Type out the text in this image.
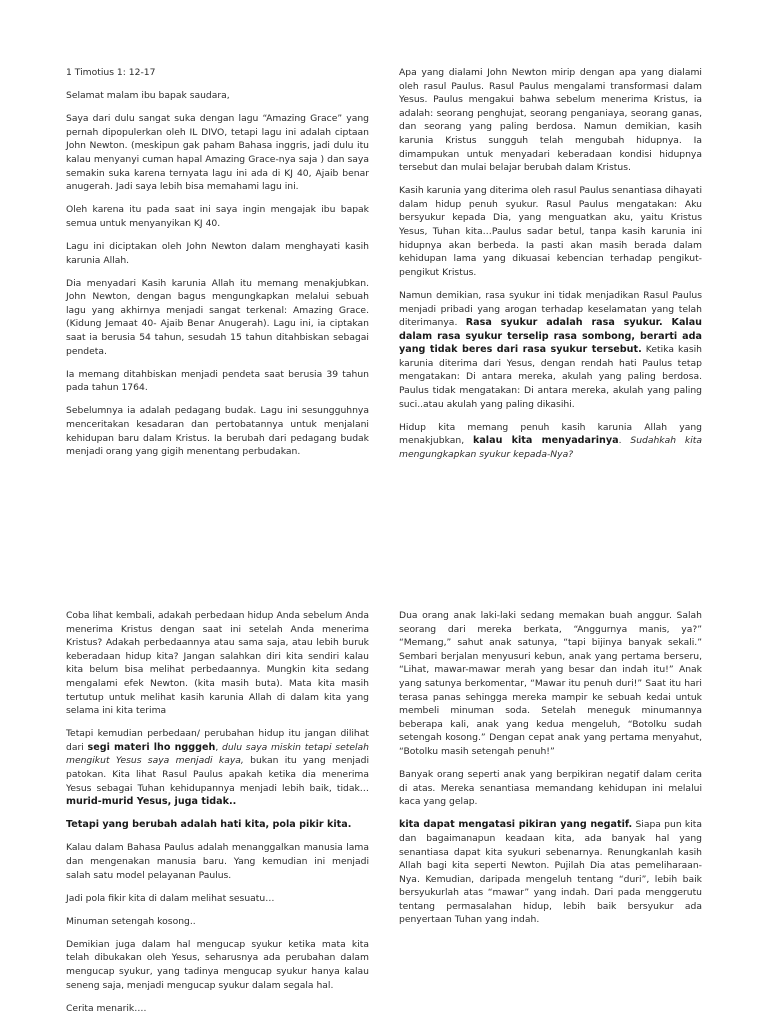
1 Timotius 1: 12-17

Selamat malam ibu bapak saudara,

Saya dari dulu sangat suka dengan lagu “Amazing Grace” yang pernah dipopulerkan oleh IL DIVO, tetapi lagu ini adalah ciptaan John Newton. (meskipun gak paham Bahasa inggris, jadi dulu itu kalau menyanyi cuman hapal Amazing Grace-nya saja ) dan saya semakin suka karena ternyata lagu ini ada di KJ 40, Ajaib benar anugerah. Jadi saya lebih bisa memahami lagu ini.

Oleh karena itu pada saat ini saya ingin mengajak ibu bapak semua untuk menyanyikan KJ 40.

Lagu ini diciptakan oleh John Newton dalam menghayati kasih karunia Allah.

Dia menyadari Kasih karunia Allah itu memang menakjubkan. John Newton, dengan bagus mengungkapkan melalui sebuah lagu yang akhirnya menjadi sangat terkenal: Amazing Grace. (Kidung Jemaat 40- Ajaib Benar Anugerah). Lagu ini, ia ciptakan saat ia berusia 54 tahun, sesudah 15 tahun ditahbiskan sebagai pendeta.

Ia memang ditahbiskan menjadi pendeta saat berusia 39 tahun pada tahun 1764.

Sebelumnya ia adalah pedagang budak. Lagu ini sesungguhnya menceritakan kesadaran dan pertobatannya untuk menjalani kehidupan baru dalam Kristus. Ia berubah dari pedagang budak menjadi orang yang gigih menentang perbudakan.

Apa yang dialami John Newton mirip dengan apa yang dialami oleh rasul Paulus. Rasul Paulus mengalami transformasi dalam Yesus. Paulus mengakui bahwa sebelum menerima Kristus, ia adalah: seorang penghujat, seorang penganiaya, seorang ganas, dan seorang yang paling berdosa. Namun demikian, kasih karunia Kristus sungguh telah mengubah hidupnya. Ia dimampukan untuk menyadari keberadaan kondisi hidupnya tersebut dan mulai belajar berubah dalam Kristus.

Kasih karunia yang diterima oleh rasul Paulus senantiasa dihayati dalam hidup penuh syukur. Rasul Paulus mengatakan: Aku bersyukur kepada Dia, yang menguatkan aku, yaitu Kristus Yesus, Tuhan kita…Paulus sadar betul, tanpa kasih karunia ini hidupnya akan berbeda. Ia pasti akan masih berada dalam kehidupan lama yang dikuasai kebencian terhadap pengikut-pengikut Kristus.

Namun demikian, rasa syukur ini tidak menjadikan Rasul Paulus menjadi pribadi yang arogan terhadap keselamatan yang telah diterimanya. Rasa syukur adalah rasa syukur. Kalau dalam rasa syukur terselip rasa sombong, berarti ada yang tidak beres dari rasa syukur tersebut. Ketika kasih karunia diterima dari Yesus, dengan rendah hati Paulus tetap mengatakan: Di antara mereka, akulah yang paling berdosa. Paulus tidak mengatakan: Di antara mereka, akulah yang paling suci..atau akulah yang paling dikasihi.

Hidup kita memang penuh kasih karunia Allah yang menakjubkan, kalau kita menyadarinya. Sudahkah kita mengungkapkan syukur kepada-Nya?

Coba lihat kembali, adakah perbedaan hidup Anda sebelum Anda menerima Kristus dengan saat ini setelah Anda menerima Kristus? Adakah perbedaannya atau sama saja, atau lebih buruk keberadaan hidup kita? Jangan salahkan diri kita sendiri kalau kita belum bisa melihat perbedaannya. Mungkin kita sedang mengalami efek Newton. (kita masih buta). Mata kita masih tertutup untuk melihat kasih karunia Allah di dalam kita yang selama ini kita terima

Tetapi kemudian perbedaan/ perubahan hidup itu jangan dilihat dari segi materi lho ngggeh, dulu saya miskin tetapi setelah mengikut Yesus saya menjadi kaya, bukan itu yang menjadi patokan. Kita lihat Rasul Paulus apakah ketika dia menerima Yesus sebagai Tuhan kehidupannya menjadi lebih baik, tidak… murid-murid Yesus, juga tidak..

Tetapi yang berubah adalah hati kita, pola pikir kita.

Kalau dalam Bahasa Paulus adalah menanggalkan manusia lama dan mengenakan manusia baru. Yang kemudian ini menjadi salah satu model pelayanan Paulus.

Jadi pola fikir kita di dalam melihat sesuatu…

Minuman setengah kosong..

Demikian juga dalam hal mengucap syukur ketika mata kita telah dibukakan oleh Yesus, seharusnya ada perubahan dalam mengucap syukur, yang tadinya mengucap syukur hanya kalau seneng saja, menjadi mengucap syukur dalam segala hal.

Cerita menarik….

Dua orang anak laki-laki sedang memakan buah anggur. Salah seorang dari mereka berkata, “Anggurnya manis, ya?” “Memang,” sahut anak satunya, “tapi bijinya banyak sekali.” Sembari berjalan menyusuri kebun, anak yang pertama berseru, “Lihat, mawar-mawar merah yang besar dan indah itu!” Anak yang satunya berkomentar, “Mawar itu penuh duri!” Saat itu hari terasa panas sehingga mereka mampir ke sebuah kedai untuk membeli minuman soda. Setelah meneguk minumannya beberapa kali, anak yang kedua mengeluh, “Botolku sudah setengah kosong.” Dengan cepat anak yang pertama menyahut, “Botolku masih setengah penuh!”

Banyak orang seperti anak yang berpikiran negatif dalam cerita di atas. Mereka senantiasa memandang kehidupan ini melalui kaca yang gelap.

kita dapat mengatasi pikiran yang negatif. Siapa pun kita dan bagaimanapun keadaan kita, ada banyak hal yang senantiasa dapat kita syukuri sebenarnya. Renungkanlah kasih Allah bagi kita seperti Newton. Pujilah Dia atas pemeliharaan-Nya. Kemudian, daripada mengeluh tentang “duri”, lebih baik bersyukurlah atas “mawar” yang indah. Dari pada menggerutu tentang permasalahan hidup, lebih baik bersyukur ada penyertaan Tuhan yang indah.
